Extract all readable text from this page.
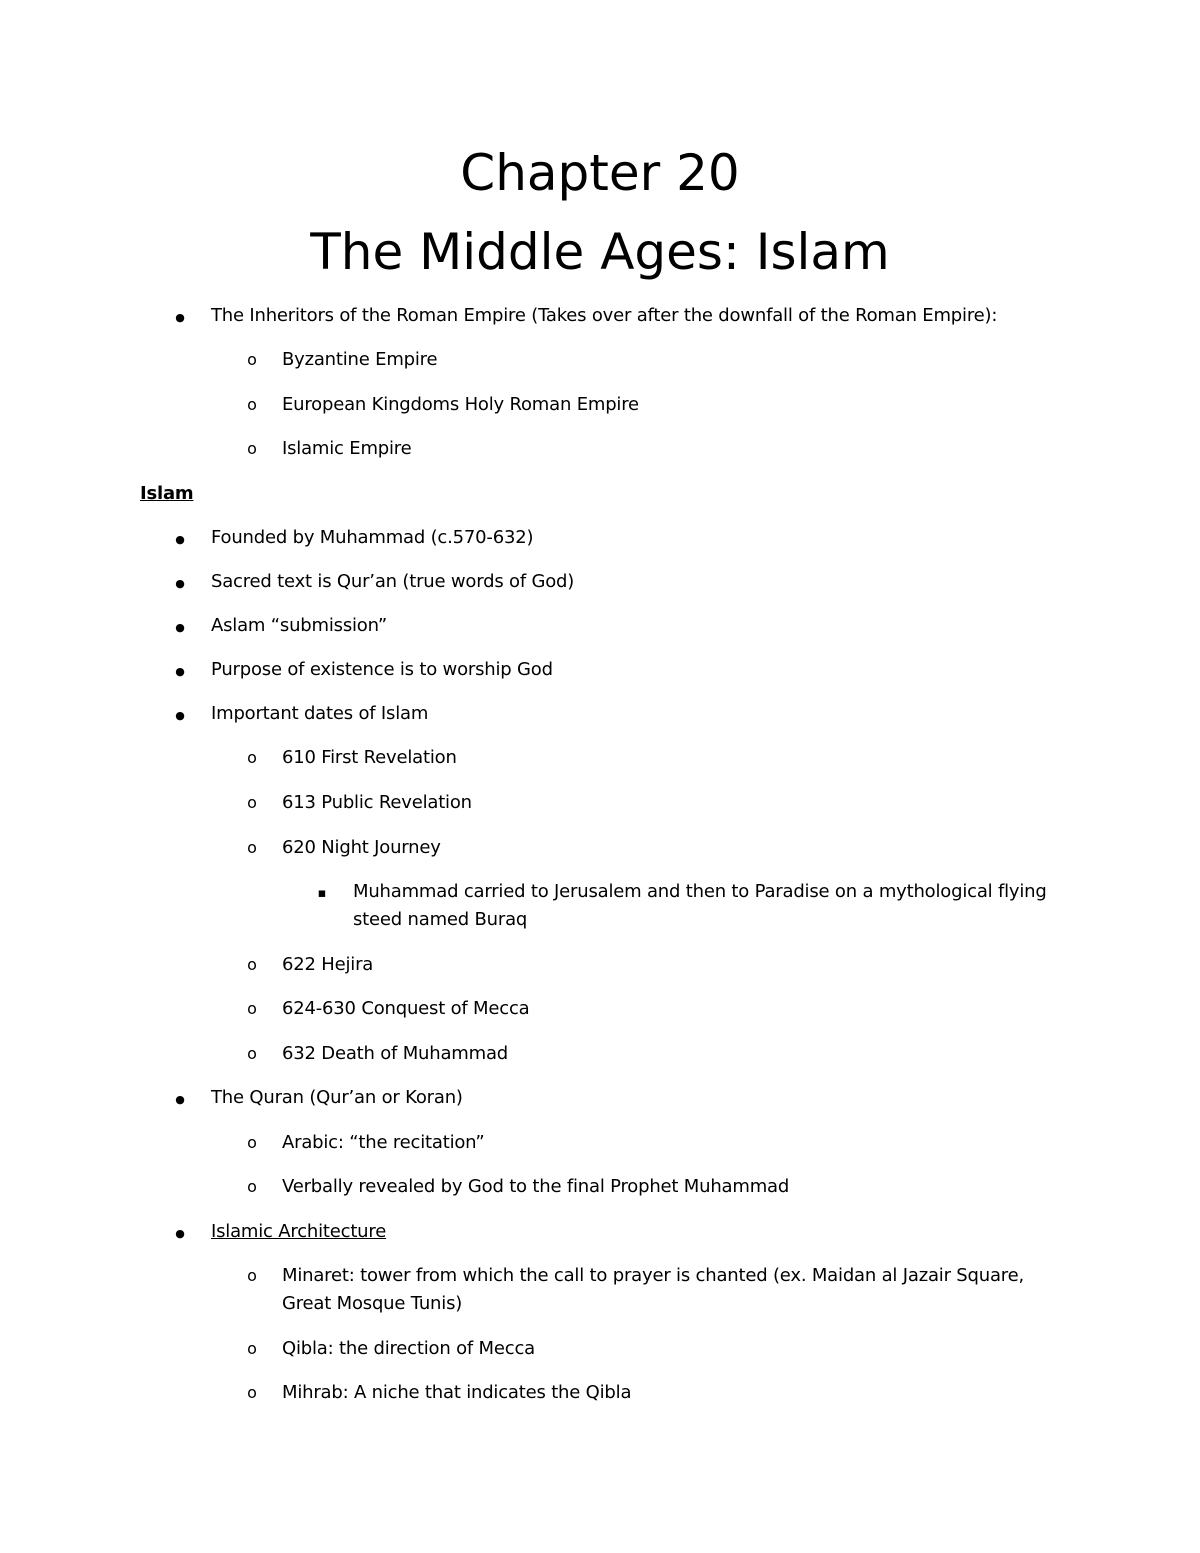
Chapter 20
The Middle Ages: Islam
●
The Inheritors of the Roman Empire (Takes over after the downfall of the Roman Empire):
o
Byzantine Empire
o
European Kingdoms Holy Roman Empire
o
Islamic Empire
Islam
●
Founded by Muhammad (c.570-632)
●
Sacred text is Qur’an (true words of God)
●
Aslam “submission”
●
Purpose of existence is to worship God
●
Important dates of Islam
o
610 First Revelation
o
613 Public Revelation
o
620 Night Journey
▪
Muhammad carried to Jerusalem and then to Paradise on a mythological flying
steed named Buraq
o
622 Hejira
o
624-630 Conquest of Mecca
o
632 Death of Muhammad
●
The Quran (Qur’an or Koran)
o
Arabic: “the recitation”
o
Verbally revealed by God to the final Prophet Muhammad
●
Islamic Architecture
o
Minaret: tower from which the call to prayer is chanted (ex. Maidan al Jazair Square,
Great Mosque Tunis)
o
Qibla: the direction of Mecca
o
Mihrab: A niche that indicates the Qibla
